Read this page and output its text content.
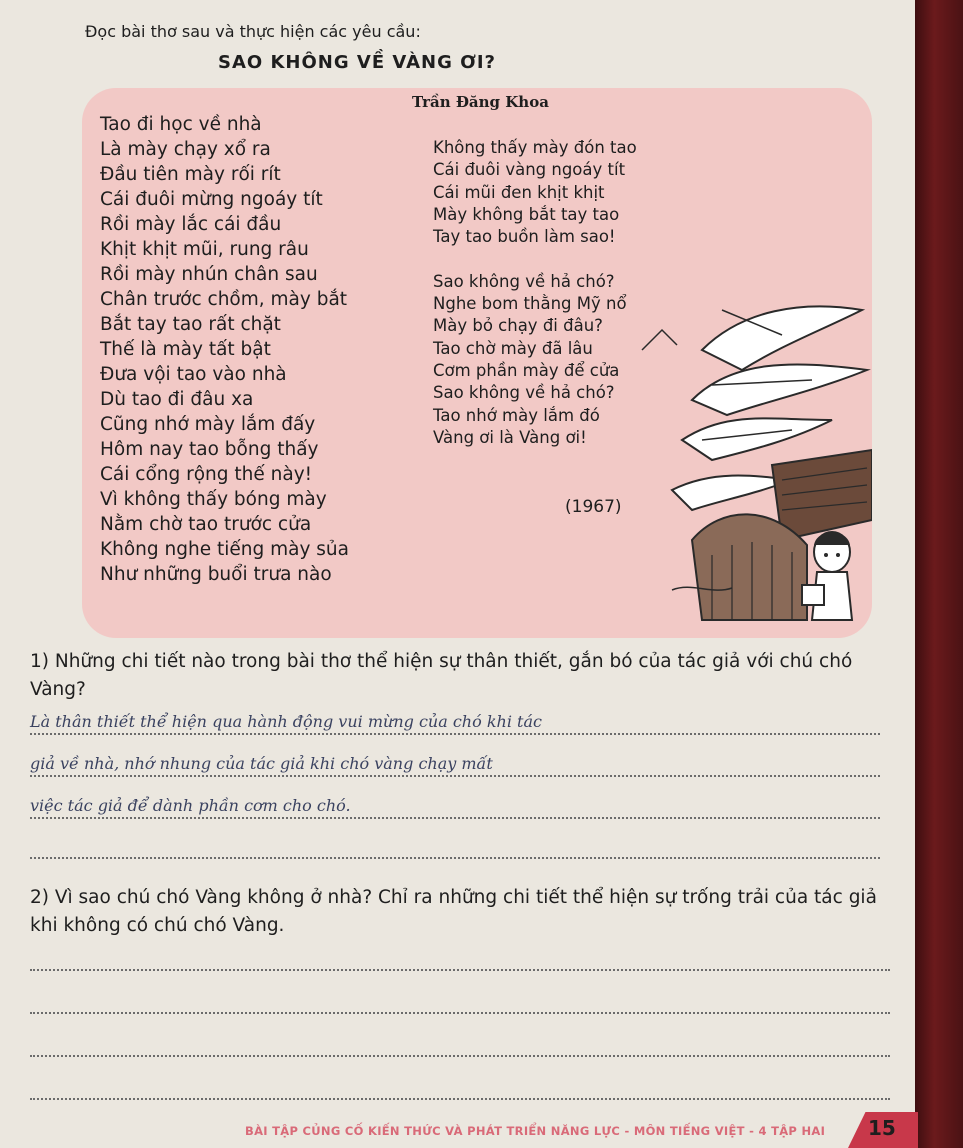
Đọc bài thơ sau và thực hiện các yêu cầu:
SAO KHÔNG VỀ VÀNG ƠI?
Trần Đăng Khoa
Tao đi học về nhà
Là mày chạy xổ ra
Đầu tiên mày rối rít
Cái đuôi mừng ngoáy tít
Rồi mày lắc cái đầu
Khịt khịt mũi, rung râu
Rồi mày nhún chân sau
Chân trước chồm, mày bắt
Bắt tay tao rất chặt
Thế là mày tất bật
Đưa vội tao vào nhà
Dù tao đi đâu xa
Cũng nhớ mày lắm đấy
Hôm nay tao bỗng thấy
Cái cổng rộng thế này!
Vì không thấy bóng mày
Nằm chờ tao trước cửa
Không nghe tiếng mày sủa
Như những buổi trưa nào
Không thấy mày đón tao
Cái đuôi vàng ngoáy tít
Cái mũi đen khịt khịt
Mày không bắt tay tao
Tay tao buồn làm sao!

Sao không về hả chó?
Nghe bom thằng Mỹ nổ
Mày bỏ chạy đi đâu?
Tao chờ mày đã lâu
Cơm phần mày để cửa
Sao không về hả chó?
Tao nhớ mày lắm đó
Vàng ơi là Vàng ơi!
(1967)
1) Những chi tiết nào trong bài thơ thể hiện sự thân thiết, gắn bó của tác giả với chú chó Vàng?
Là thân thiết thể hiện qua hành động vui mừng của chó khi tác
giả về nhà, nhớ nhung của tác giả khi chó vàng chạy mất
việc tác giả để dành phần cơm cho chó.
2) Vì sao chú chó Vàng không ở nhà? Chỉ ra những chi tiết thể hiện sự trống trải của tác giả khi không có chú chó Vàng.
BÀI TẬP CỦNG CỐ KIẾN THỨC VÀ PHÁT TRIỂN NĂNG LỰC - MÔN TIẾNG VIỆT - 4 TẬP HAI 15
